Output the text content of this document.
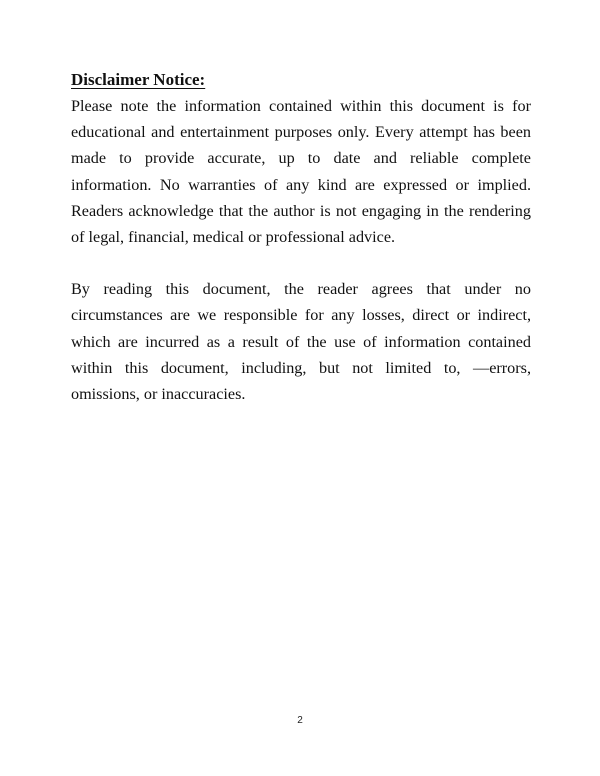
Disclaimer Notice:

Please note the information contained within this document is for educational and entertainment purposes only. Every attempt has been made to provide accurate, up to date and reliable complete information. No warranties of any kind are expressed or implied. Readers acknowledge that the author is not engaging in the rendering of legal, financial, medical or professional advice.

By reading this document, the reader agrees that under no circumstances are we responsible for any losses, direct or indirect, which are incurred as a result of the use of information contained within this document, including, but not limited to, —errors, omissions, or inaccuracies.

2
